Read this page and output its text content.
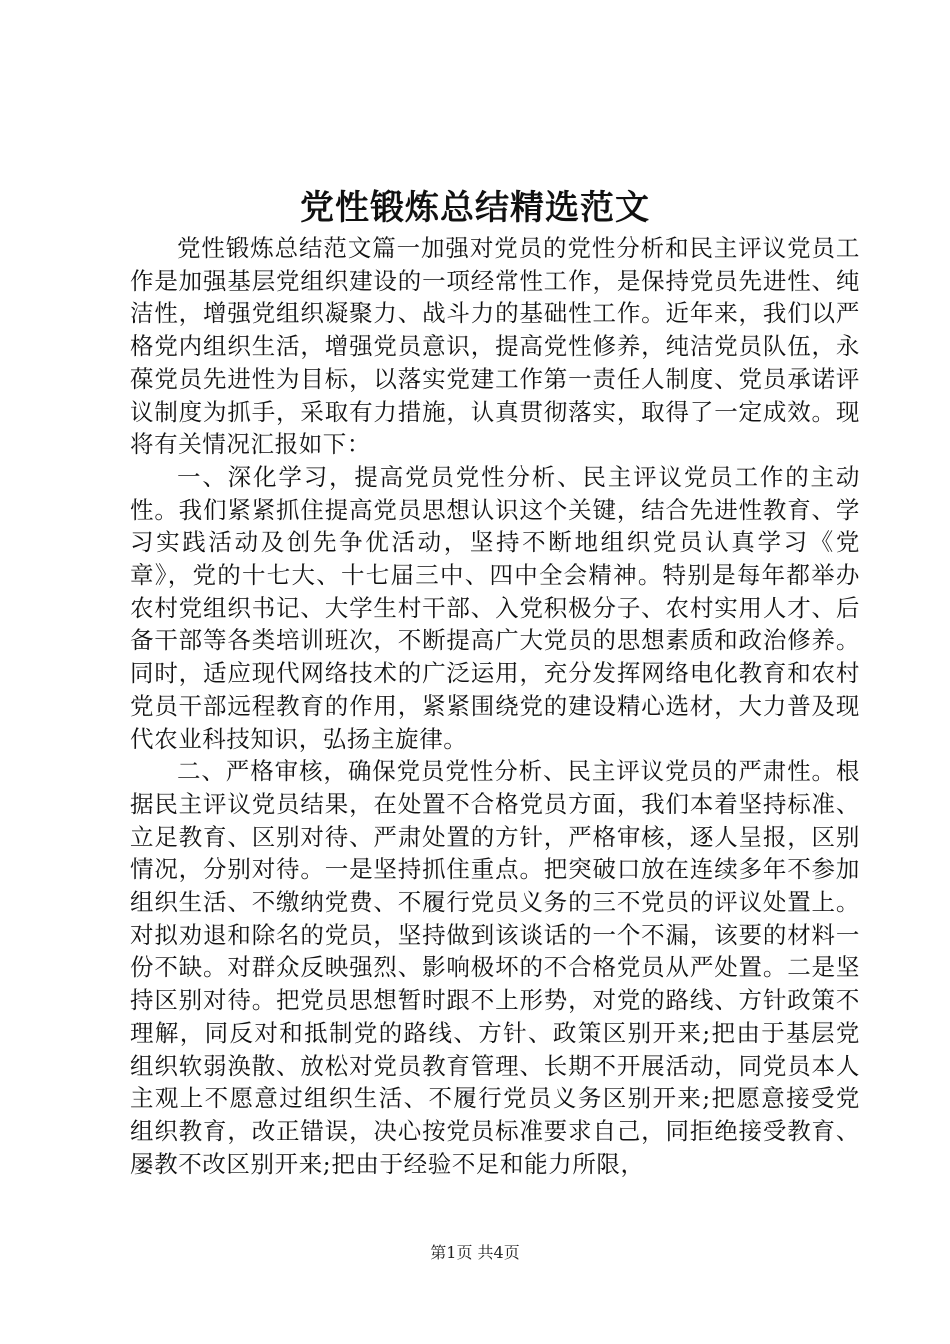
党性锻炼总结精选范文

党性锻炼总结范文篇一加强对党员的党性分析和民主评议党员工作是加强基层党组织建设的一项经常性工作，是保持党员先进性、纯洁性，增强党组织凝聚力、战斗力的基础性工作。近年来，我们以严格党内组织生活，增强党员意识，提高党性修养，纯洁党员队伍，永葆党员先进性为目标，以落实党建工作第一责任人制度、党员承诺评议制度为抓手，采取有力措施，认真贯彻落实，取得了一定成效。现将有关情况汇报如下：

一、深化学习，提高党员党性分析、民主评议党员工作的主动性。我们紧紧抓住提高党员思想认识这个关键，结合先进性教育、学习实践活动及创先争优活动，坚持不断地组织党员认真学习《党章》，党的十七大、十七届三中、四中全会精神。特别是每年都举办农村党组织书记、大学生村干部、入党积极分子、农村实用人才、后备干部等各类培训班次，不断提高广大党员的思想素质和政治修养。同时，适应现代网络技术的广泛运用，充分发挥网络电化教育和农村党员干部远程教育的作用，紧紧围绕党的建设精心选材，大力普及现代农业科技知识，弘扬主旋律。

二、严格审核，确保党员党性分析、民主评议党员的严肃性。根据民主评议党员结果，在处置不合格党员方面，我们本着坚持标准、立足教育、区别对待、严肃处置的方针，严格审核，逐人呈报，区别情况，分别对待。一是坚持抓住重点。把突破口放在连续多年不参加组织生活、不缴纳党费、不履行党员义务的三不党员的评议处置上。对拟劝退和除名的党员，坚持做到该谈话的一个不漏，该要的材料一份不缺。对群众反映强烈、影响极坏的不合格党员从严处置。二是坚持区别对待。把党员思想暂时跟不上形势，对党的路线、方针政策不理解，同反对和抵制党的路线、方针、政策区别开来;把由于基层党组织软弱涣散、放松对党员教育管理、长期不开展活动，同党员本人主观上不愿意过组织生活、不履行党员义务区别开来;把愿意接受党组织教育，改正错误，决心按党员标准要求自己，同拒绝接受教育、屡教不改区别开来;把由于经验不足和能力所限，

第1页 共4页
